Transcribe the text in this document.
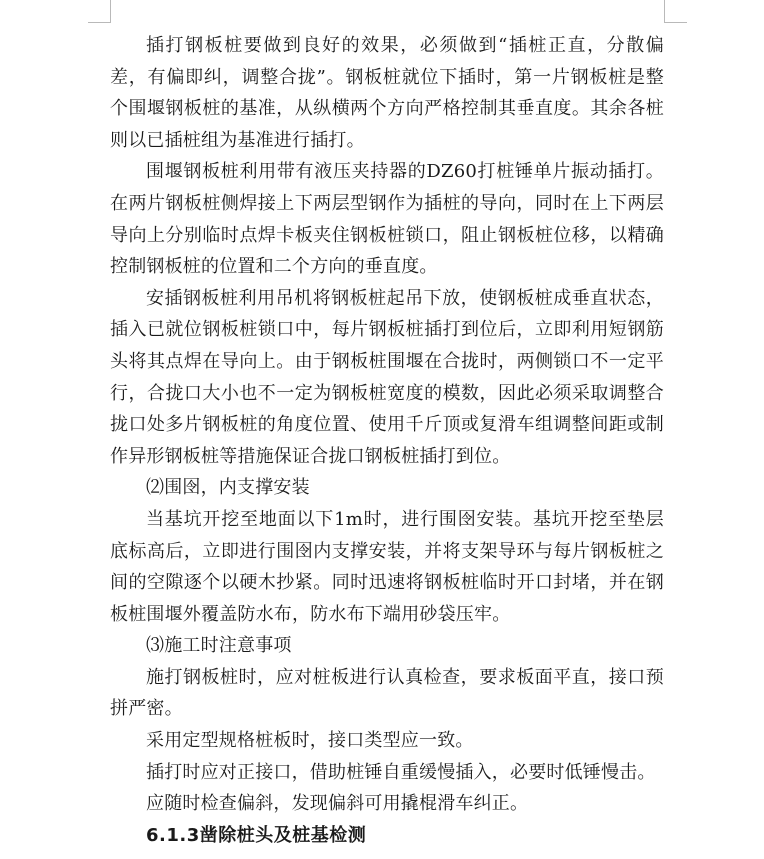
插打钢板桩要做到良好的效果，必须做到“插桩正直，分散偏差，有偏即纠，调整合拢”。钢板桩就位下插时，第一片钢板桩是整个围堰钢板桩的基准，从纵横两个方向严格控制其垂直度。其余各桩则以已插桩组为基准进行插打。

围堰钢板桩利用带有液压夹持器的DZ60打桩锤单片振动插打。在两片钢板桩侧焊接上下两层型钢作为插桩的导向，同时在上下两层导向上分别临时点焊卡板夹住钢板桩锁口，阻止钢板桩位移，以精确控制钢板桩的位置和二个方向的垂直度。

安插钢板桩利用吊机将钢板桩起吊下放，使钢板桩成垂直状态，插入已就位钢板桩锁口中，每片钢板桩插打到位后，立即利用短钢筋头将其点焊在导向上。由于钢板桩围堰在合拢时，两侧锁口不一定平行，合拢口大小也不一定为钢板桩宽度的模数，因此必须采取调整合拢口处多片钢板桩的角度位置、使用千斤顶或复滑车组调整间距或制作异形钢板桩等措施保证合拢口钢板桩插打到位。

⑵围囹，内支撑安装

当基坑开挖至地面以下1m时，进行围囹安装。基坑开挖至垫层底标高后，立即进行围囹内支撑安装，并将支架导环与每片钢板桩之间的空隙逐个以硬木抄紧。同时迅速将钢板桩临时开口封堵，并在钢板桩围堰外覆盖防水布，防水布下端用砂袋压牢。

⑶施工时注意事项

施打钢板桩时，应对桩板进行认真检查，要求板面平直，接口预拼严密。

采用定型规格桩板时，接口类型应一致。

插打时应对正接口，借助桩锤自重缓慢插入，必要时低锤慢击。

应随时检查偏斜，发现偏斜可用撬棍滑车纠正。

6.1.3凿除桩头及桩基检测
